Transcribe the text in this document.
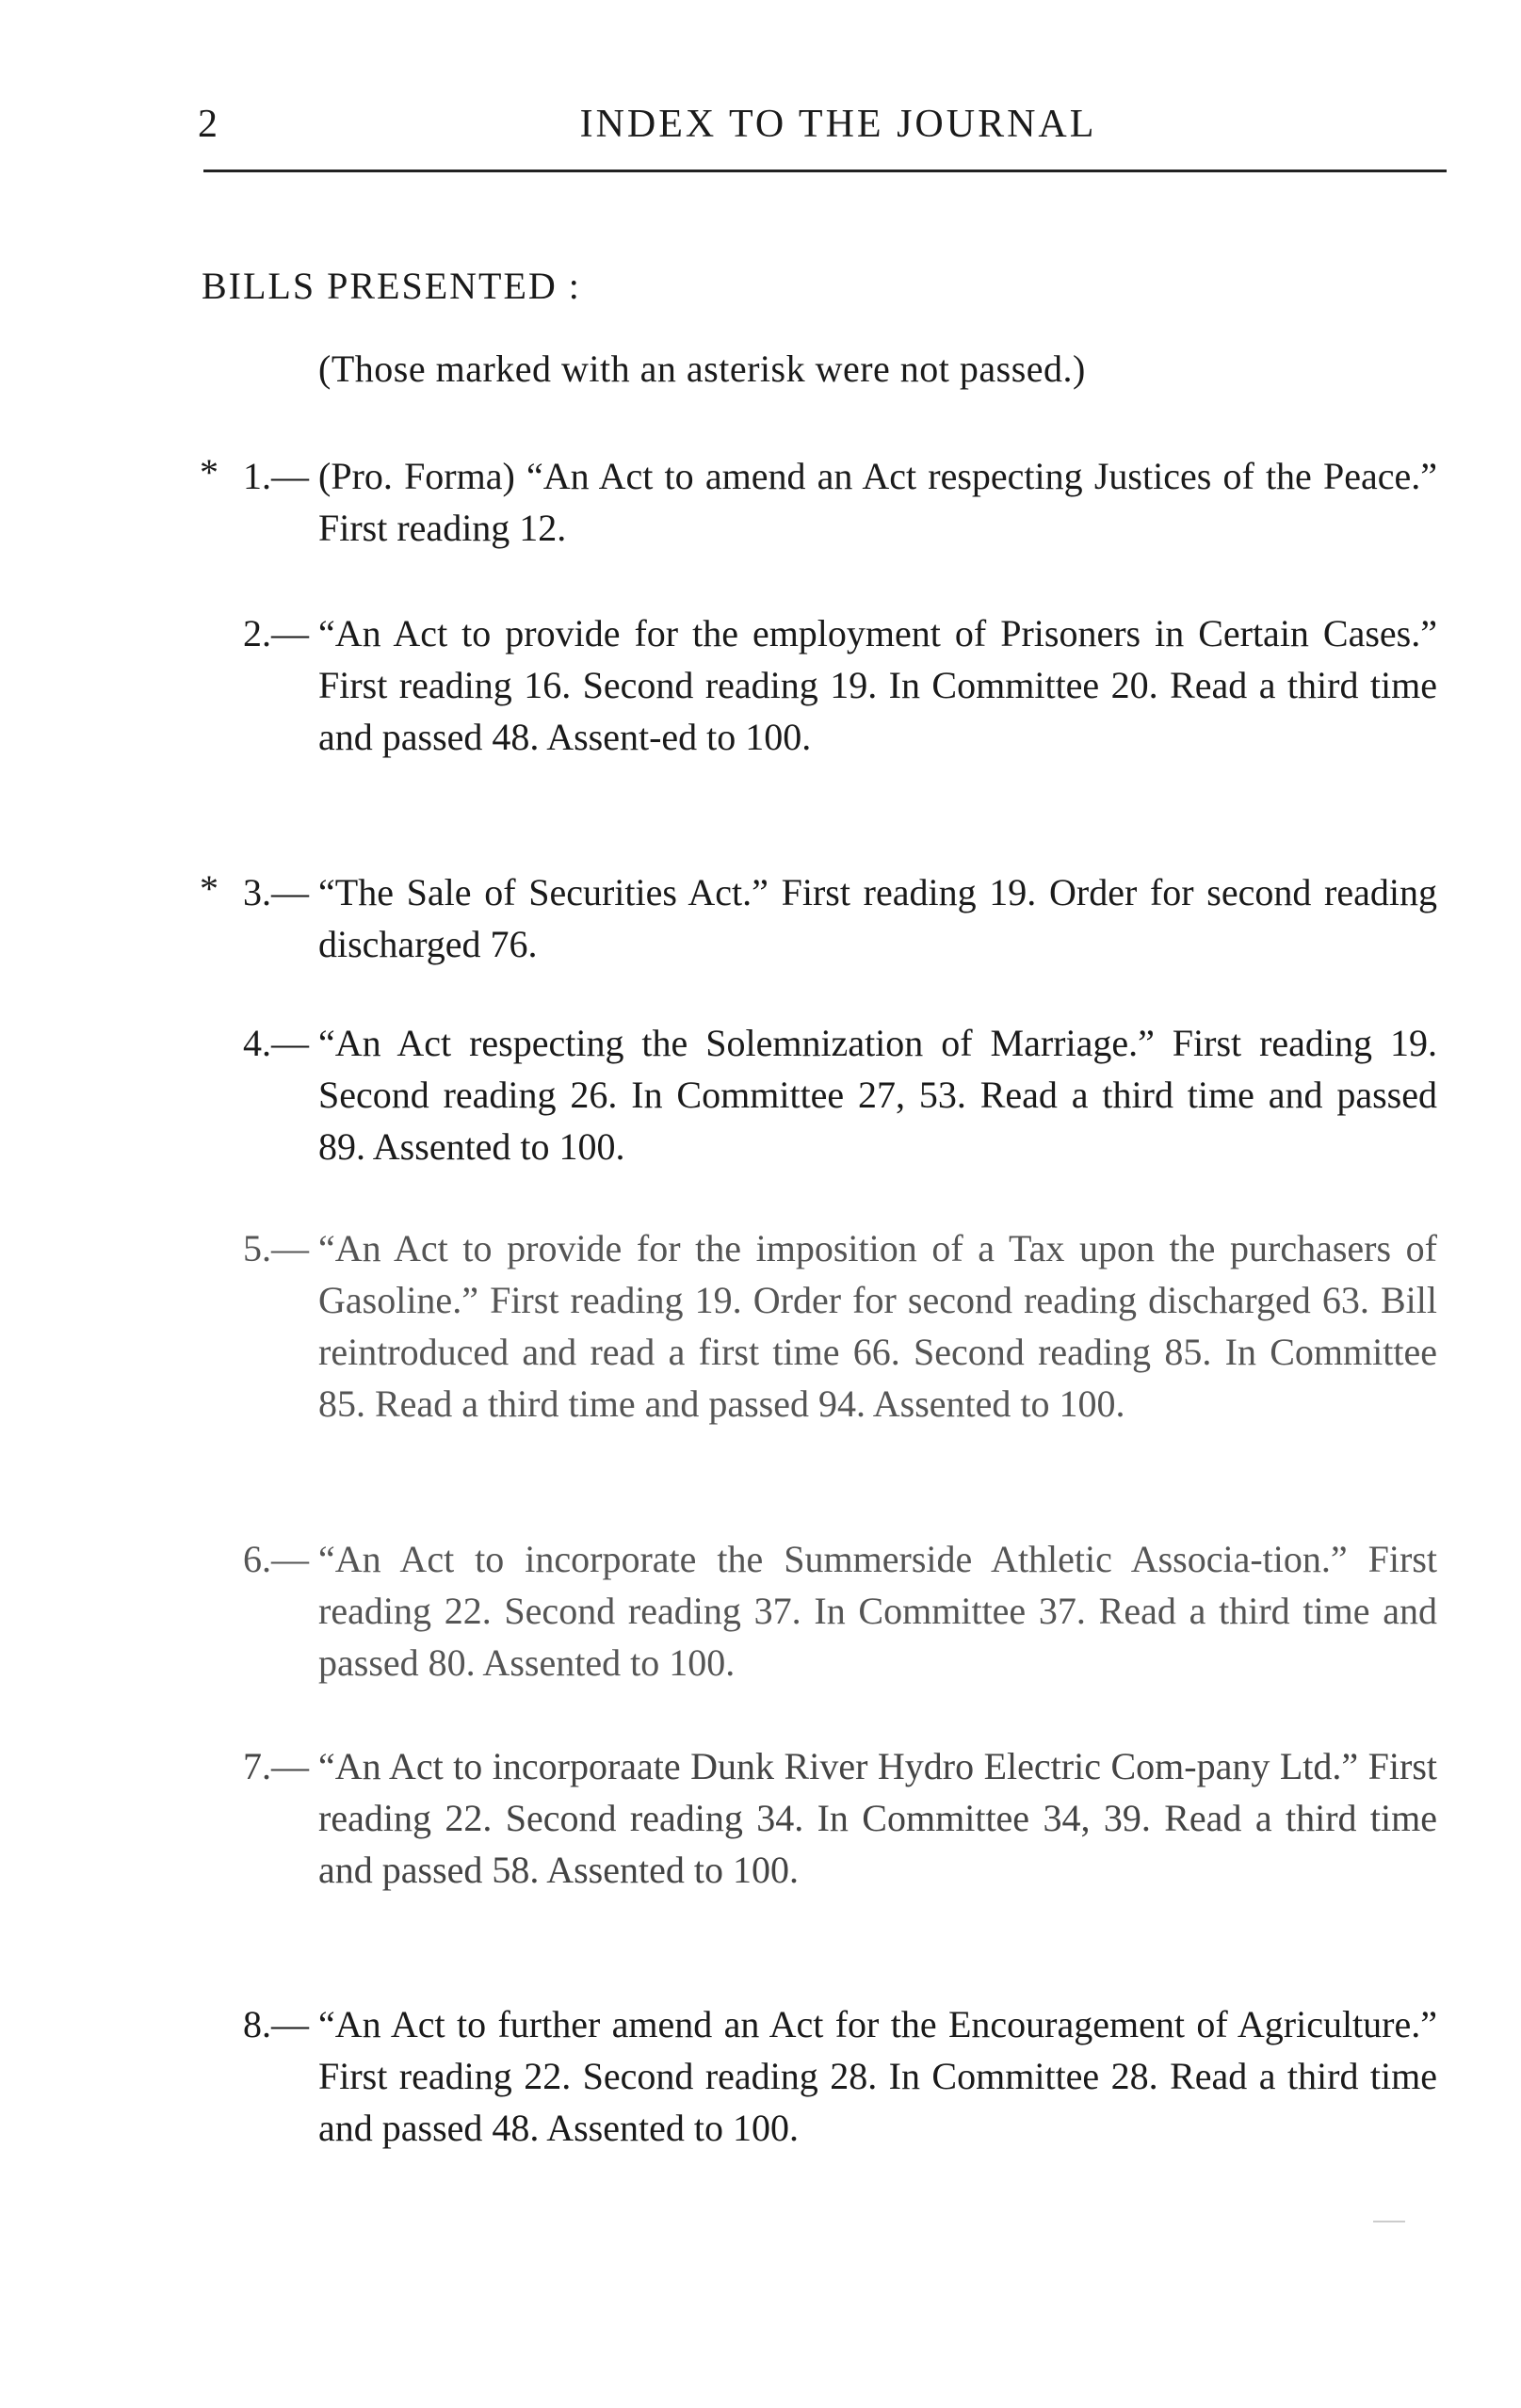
2	INDEX TO THE JOURNAL
BILLS PRESENTED :
(Those marked with an asterisk were not passed.)
* 1.— (Pro. Forma) “An Act to amend an Act respecting Justices of the Peace.” First reading 12.
2.— “An Act to provide for the employment of Prisoners in Certain Cases.” First reading 16. Second reading 19. In Committee 20. Read a third time and passed 48. Assent-ed to 100.
* 3.— “The Sale of Securities Act.” First reading 19. Order for second reading discharged 76.
4.— “An Act respecting the Solemnization of Marriage.” First reading 19. Second reading 26. In Committee 27, 53. Read a third time and passed 89. Assented to 100.
5.— “An Act to provide for the imposition of a Tax upon the purchasers of Gasoline.” First reading 19. Order for second reading discharged 63. Bill reintroduced and read a first time 66. Second reading 85. In Committee 85. Read a third time and passed 94. Assented to 100.
6.— “An Act to incorporate the Summerside Athletic Associa-tion.” First reading 22. Second reading 37. In Committee 37. Read a third time and passed 80. Assented to 100.
7.— “An Act to incorporaate Dunk River Hydro Electric Com-pany Ltd.” First reading 22. Second reading 34. In Committee 34, 39. Read a third time and passed 58. Assented to 100.
8.— “An Act to further amend an Act for the Encouragement of Agriculture.” First reading 22. Second reading 28. In Committee 28. Read a third time and passed 48. Assented to 100.
